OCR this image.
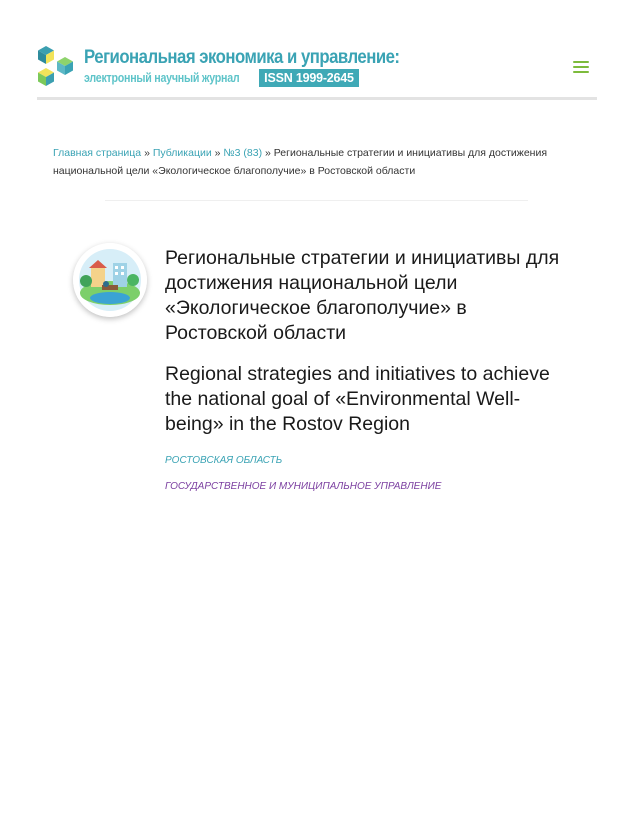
Региональная экономика и управление:
электронный научный журнал	ISSN 1999-2645
Главная страница » Публикации » №3 (83) » Региональные стратегии и инициативы для достижения национальной цели «Экологическое благополучие» в Ростовской области
Региональные стратегии и инициативы для достижения национальной цели «Экологическое благополучие» в Ростовской области
Regional strategies and initiatives to achieve the national goal of «Environmental Well-being» in the Rostov Region
РОСТОВСКАЯ ОБЛАСТЬ
ГОСУДАРСТВЕННОЕ И МУНИЦИПАЛЬНОЕ УПРАВЛЕНИЕ
